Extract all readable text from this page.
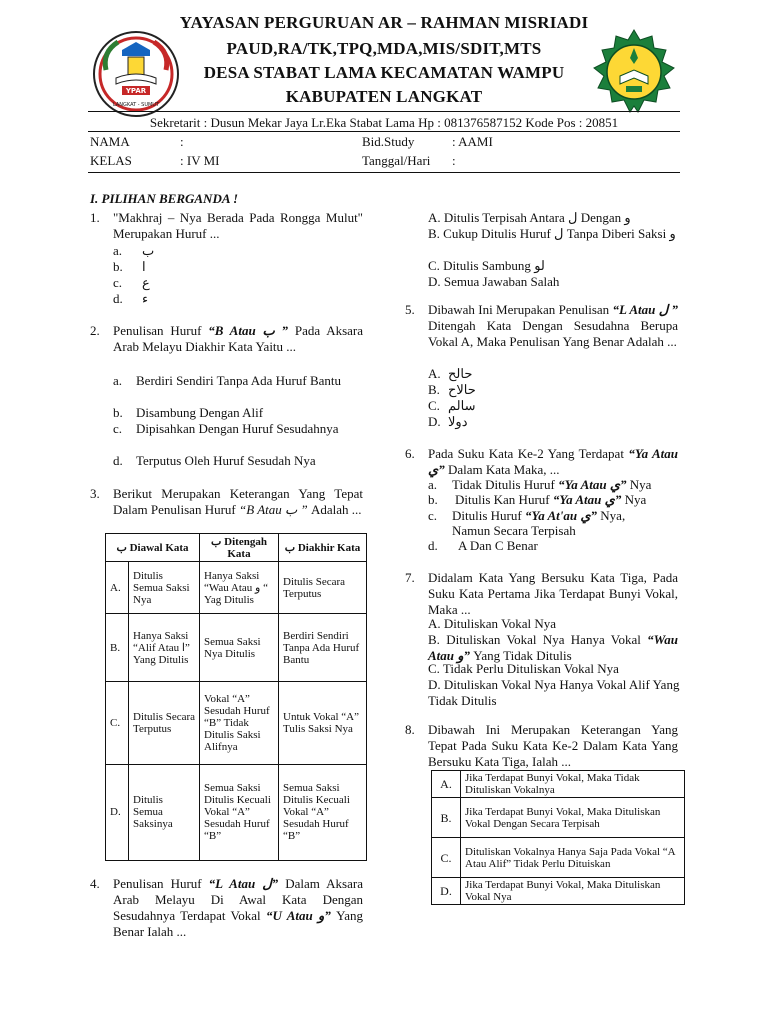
YPAR
LANGKAT - SUMUT
YAYASAN PERGURUAN AR – RAHMAN MISRIADI
PAUD,RA/TK,TPQ,MDA,MIS/SDIT,MTS
DESA STABAT LAMA KECAMATAN WAMPU
KABUPATEN LANGKAT
Sekretarit : Dusun Mekar Jaya Lr.Eka Stabat Lama Hp : 081376587152 Kode Pos : 20851
NAMA	:	Bid.Study	: AAMI
KELAS	: IV MI	Tanggal/Hari :
I. PILIHAN BERGANDA !
1. "Makhraj – Nya Berada Pada Rongga Mulut" Merupakan Huruf ...
a. ب
b. ا
c. ع
d. ء
2. Penulisan Huruf “B Atau ب ” Pada Aksara Arab Melayu Diakhir Kata Yaitu ...
a. Berdiri Sendiri Tanpa Ada Huruf Bantu
b. Disambung Dengan Alif
c. Dipisahkan Dengan Huruf Sesudahnya
d. Terputus Oleh Huruf Sesudah Nya
3. Berikut Merupakan Keterangan Yang Tepat Dalam Penulisan Huruf “B Atau ب ” Adalah ...
ب Diawal Kata		ب Ditengah Kata	ب Diakhir Kata
A.	Ditulis Semua Saksi Nya	Hanya Saksi “Wau Atau و “ Yag Ditulis	Ditulis Secara Terputus
B.	Hanya Saksi “Alif Atau ا” Yang Ditulis	Semua Saksi Nya Ditulis	Berdiri Sendiri Tanpa Ada Huruf Bantu
C.	Ditulis Secara Terputus	Vokal “A” Sesudah Huruf “B” Tidak Ditulis Saksi Alifnya	Untuk Vokal “A” Tulis Saksi Nya
D.	Ditulis Semua Saksinya	Semua Saksi Ditulis Kecuali Vokal “A” Sesudah Huruf “B”	Semua Saksi Ditulis Kecuali Vokal “A” Sesudah Huruf “B”
4. Penulisan Huruf “L Atau ل” Dalam Aksara Arab Melayu Di Awal Kata Dengan Sesudahnya Terdapat Vokal “U Atau و” Yang Benar Ialah ...
A. Ditulis Terpisah Antara ل Dengan و
B. Cukup Ditulis Huruf ل Tanpa Diberi Saksi و
C. Ditulis Sambung لو
D. Semua Jawaban Salah
5. Dibawah Ini Merupakan Penulisan “L Atau ل ” Ditengah Kata Dengan Sesudahna Berupa Vokal A, Maka Penulisan Yang Benar Adalah ...
A. حالح
B. حالاح
C. سالم
D. دولا
6. Pada Suku Kata Ke-2 Yang Terdapat “Ya Atau ي” Dalam Kata Maka, ...
a. Tidak Ditulis Huruf “Ya Atau ي” Nya
b. Ditulis Kan Huruf “Ya Atau ي” Nya
c. Ditulis Huruf “Ya At'au ي” Nya,
Namun Secara Terpisah
d. A Dan C Benar
7. Didalam Kata Yang Bersuku Kata Tiga, Pada Suku Kata Pertama Jika Terdapat Bunyi Vokal, Maka ...
A. Dituliskan Vokal Nya
B. Dituliskan Vokal Nya Hanya Vokal “Wau Atau و” Yang Tidak Ditulis
C. Tidak Perlu Dituliskan Vokal Nya
D. Dituliskan Vokal Nya Hanya Vokal Alif Yang Tidak Ditulis
8. Dibawah Ini Merupakan Keterangan Yang Tepat Pada Suku Kata Ke-2 Dalam Kata Yang Bersuku Kata Tiga, Ialah ...
A.	Jika Terdapat Bunyi Vokal, Maka Tidak Dituliskan Vokalnya
B.	Jika Terdapat Bunyi Vokal, Maka Dituliskan Vokal Dengan Secara Terpisah
C.	Dituliskan Vokalnya Hanya Saja Pada Vokal “A Atau Alif” Tidak Perlu Dituiskan
D.	Jika Terdapat Bunyi Vokal, Maka Dituliskan Vokal Nya
